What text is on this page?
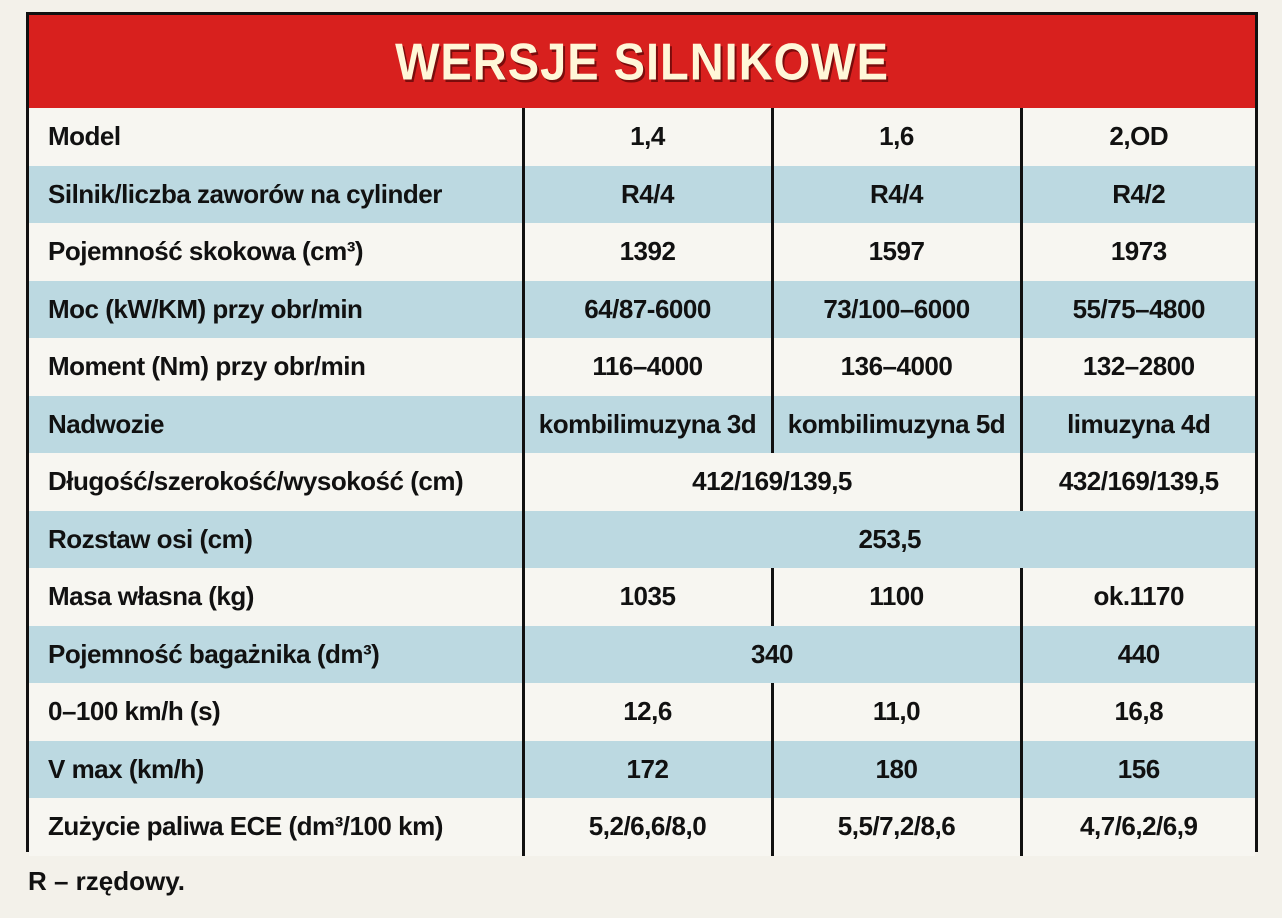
WERSJE SILNIKOWE
Model	1,4	1,6	2,OD
Silnik/liczba zaworów na cylinder	R4/4	R4/4	R4/2
Pojemność skokowa (cm³)	1392	1597	1973
Moc (kW/KM) przy obr/min	64/87-6000	73/100–6000	55/75–4800
Moment (Nm) przy obr/min	116–4000	136–4000	132–2800
Nadwozie	kombilimuzyna 3d	kombilimuzyna 5d	limuzyna 4d
Długość/szerokość/wysokość (cm)	412/169/139,5		432/169/139,5
Rozstaw osi (cm)	253,5		
Masa własna (kg)	1035	1100	ok.1170
Pojemność bagażnika (dm³)	340		440
0–100 km/h (s)	12,6	11,0	16,8
V max (km/h)	172	180	156
Zużycie paliwa ECE (dm³/100 km)	5,2/6,6/8,0	5,5/7,2/8,6	4,7/6,2/6,9
R – rzędowy.
